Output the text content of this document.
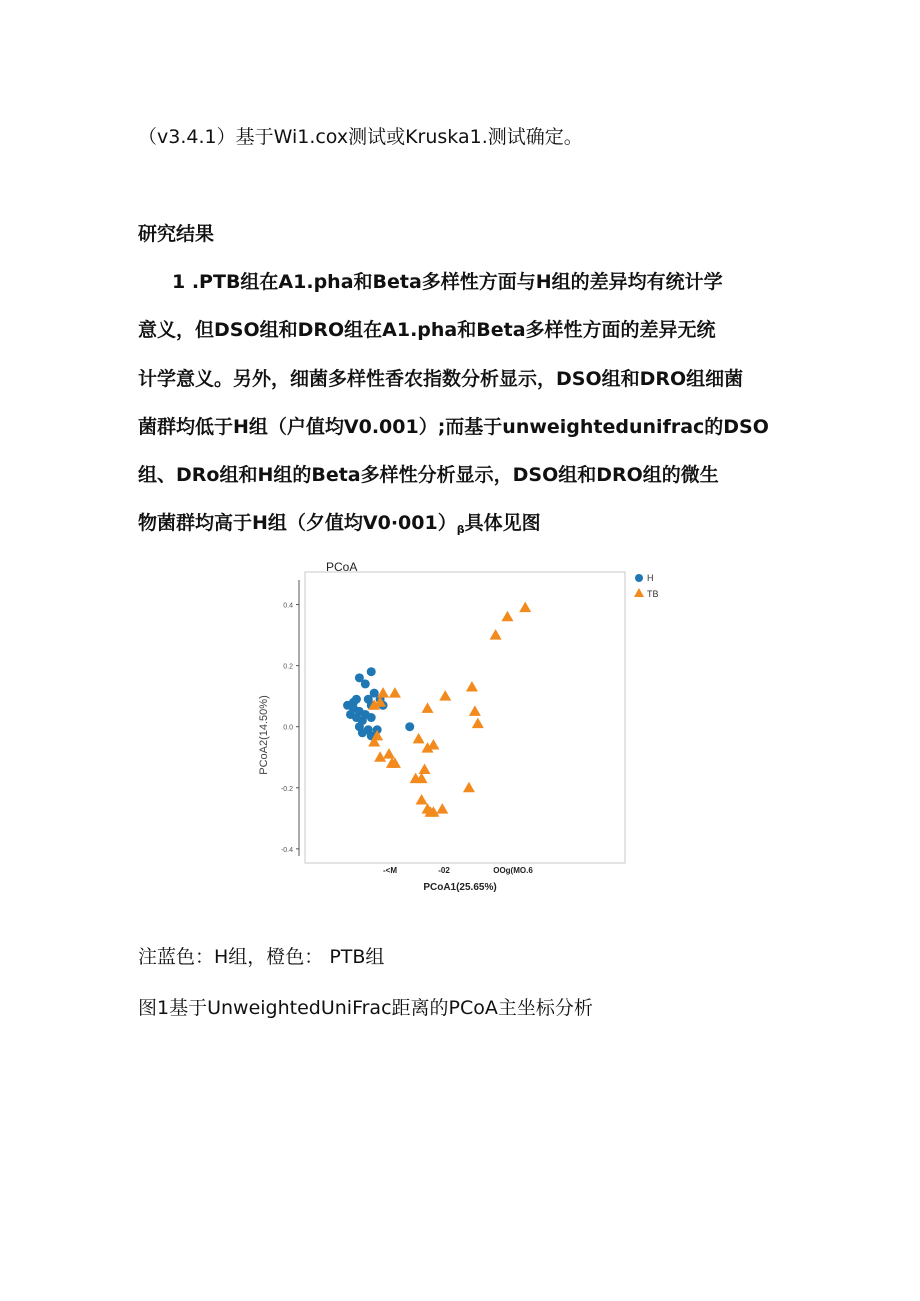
（v3.4.1）基于Wi1.cox测试或Kruska1.测试确定。
研究结果
1 .PTB组在A1.pha和Beta多样性方面与H组的差异均有统计学
意义，但DSO组和DRO组在A1.pha和Beta多样性方面的差异无统
计学意义。另外，细菌多样性香农指数分析显示，DSO组和DRO组细菌
菌群均低于H组（户值均V0.001）;而基于unweightedunifrac的DSO
组、DRo组和H组的Beta多样性分析显示，DSO组和DRO组的微生
物菌群均高于H组（夕值均$V0\cdot 001)_\beta$具体见图
PCoA
PCoA2(14.50%)
PCoA1(25.65%)
-<M	-02	OOg(MO.6
0.4
0.2
0.0
-0.2
-0.4
H
TB
注蓝色：H组，橙色： PTB组
图1基于UnweightedUniFrac距离的PCoA主坐标分析
